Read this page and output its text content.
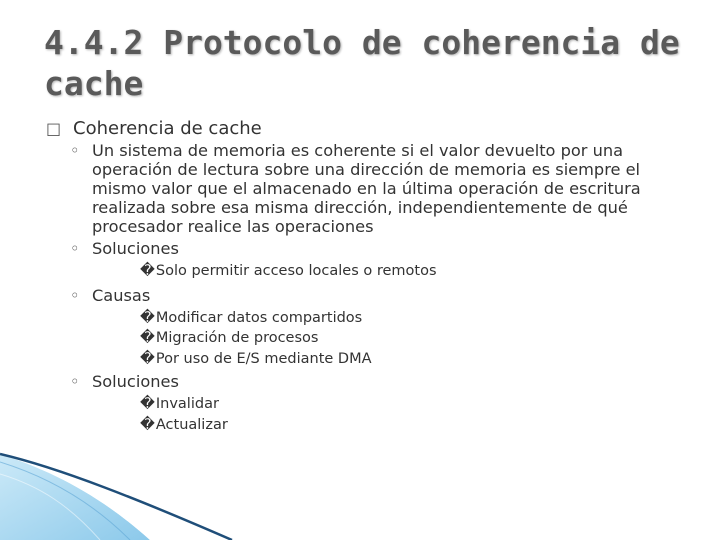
4.4.2 Protocolo de coherencia de cache
□ Coherencia de cache
◦ Un sistema de memoria es coherente si el valor devuelto por una operación de lectura sobre una dirección de memoria es siempre el mismo valor que el almacenado en la última operación de escritura realizada sobre esa misma dirección, independientemente de qué procesador realice las operaciones
◦ Soluciones
�Solo permitir acceso locales o remotos
◦ Causas
�Modificar datos compartidos
�Migración de procesos
�Por uso de E/S mediante DMA
◦ Soluciones
�Invalidar
�Actualizar
